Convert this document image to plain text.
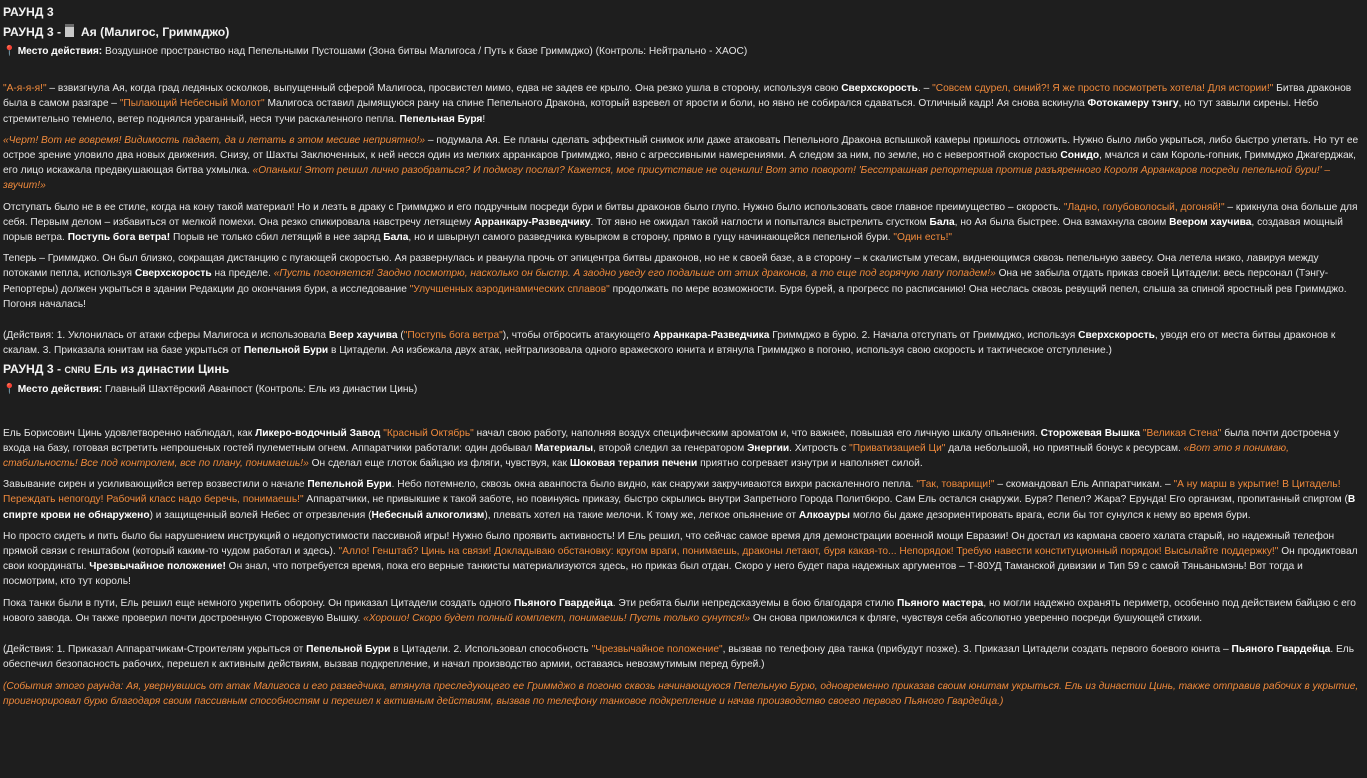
РАУНД 3
РАУНД 3 - Ая (Малигос, Гриммджо)

📍 Место действия: Воздушное пространство над Пепельными Пустошами (Зона битвы Малигоса / Путь к базе Гриммджо) (Контроль: Нейтрально - ХАОС)

"А-я-я-я!" – взвизгнула Ая, когда град ледяных осколков, выпущенный сферой Малигоса, просвистел мимо, едва не задев ее крыло. Она резко ушла в сторону, используя свою Сверхскорость. – "Совсем сдурел, синий?! Я же просто посмотреть хотела! Для истории!" Битва драконов была в самом разгаре – "Пылающий Небесный Молот" Малигоса оставил дымящуюся рану на спине Пепельного Дракона, который взревел от ярости и боли, но явно не собирался сдаваться. Отличный кадр! Ая снова вскинула Фотокамеру тэнгу, но тут завыли сирены. Небо стремительно темнело, ветер поднялся ураганный, неся тучи раскаленного пепла. Пепельная Буря!

«Черт! Вот не вовремя! Видимость падает, да и летать в этом месиве неприятно!» – подумала Ая. Ее планы сделать эффектный снимок или даже атаковать Пепельного Дракона вспышкой камеры пришлось отложить. Нужно было либо укрыться, либо быстро улетать. Но тут ее острое зрение уловило два новых движения. Снизу, от Шахты Заключенных, к ней несся один из мелких арранкаров Гриммджо, явно с агрессивными намерениями. А следом за ним, по земле, но с невероятной скоростью Сонидо, мчался и сам Король-гопник, Гриммджо Джагерджак, его лицо искажала предвкушающая битва ухмылка. «Опаньки! Этот решил лично разобраться? И подмогу послал? Кажется, мое присутствие не оценили! Вот это поворот! 'Бесстрашная репортерша против разъяренного Короля Арранкаров посреди пепельной бури!' – звучит!»

Отступать было не в ее стиле, когда на кону такой материал! Но и лезть в драку с Гриммджо и его подручным посреди бури и битвы драконов было глупо. Нужно было использовать свое главное преимущество – скорость. "Ладно, голубоволосый, догоняй!" – крикнула она больше для себя. Первым делом – избавиться от мелкой помехи. Она резко спикировала навстречу летящему Арранкару-Разведчику. Тот явно не ожидал такой наглости и попытался выстрелить сгустком Бала, но Ая была быстрее. Она взмахнула своим Веером хаучива, создавая мощный порыв ветра. Поступь бога ветра! Порыв не только сбил летящий в нее заряд Бала, но и швырнул самого разведчика кувырком в сторону, прямо в гущу начинающейся пепельной бури. "Один есть!"

Теперь – Гриммджо. Он был близко, сокращая дистанцию с пугающей скоростью. Ая развернулась и рванула прочь от эпицентра битвы драконов, но не к своей базе, а в сторону – к скалистым утесам, виднеющимся сквозь пепельную завесу. Она летела низко, лавируя между потоками пепла, используя Сверхскорость на пределе. «Пусть погоняется! Заодно посмотрю, насколько он быстр. А заодно уведу его подальше от этих драконов, а то еще под горячую лапу попадем!» Она не забыла отдать приказ своей Цитадели: весь персонал (Тэнгу-Репортеры) должен укрыться в здании Редакции до окончания бури, а исследование "Улучшенных аэродинамических сплавов" продолжать по мере возможности. Буря бурей, а прогресс по расписанию! Она неслась сквозь ревущий пепел, слыша за спиной яростный рев Гриммджо. Погоня началась!

(Действия: 1. Уклонилась от атаки сферы Малигоса и использовала Веер хаучива ("Поступь бога ветра"), чтобы отбросить атакующего Арранкара-Разведчика Гриммджо в бурю. 2. Начала отступать от Гриммджо, используя Сверхскорость, уводя его от места битвы драконов к скалам. 3. Приказала юнитам на базе укрыться от Пепельной Бури в Цитадели. Ая избежала двух атак, нейтрализовала одного вражеского юнита и втянула Гриммджо в погоню, используя свою скорость и тактическое отступление.)

РАУНД 3 - CNRU Ель из династии Цинь

📍 Место действия: Главный Шахтёрский Аванпост (Контроль: Ель из династии Цинь)

Ель Борисович Цинь удовлетворенно наблюдал, как Ликеро-водочный Завод "Красный Октябрь" начал свою работу, наполняя воздух специфическим ароматом и, что важнее, повышая его личную шкалу опьянения. Сторожевая Вышка "Великая Стена" была почти достроена у входа на базу, готовая встретить непрошеных гостей пулеметным огнем. Аппаратчики работали: один добывал Материалы, второй следил за генератором Энергии. Хитрость с "Приватизацией Ци" дала небольшой, но приятный бонус к ресурсам. «Вот это я понимаю, стабильность! Все под контролем, все по плану, понимаешь!» Он сделал еще глоток байцзю из фляги, чувствуя, как Шоковая терапия печени приятно согревает изнутри и наполняет силой.

Завывание сирен и усиливающийся ветер возвестили о начале Пепельной Бури. Небо потемнело, сквозь окна аванпоста было видно, как снаружи закручиваются вихри раскаленного пепла. "Так, товарищи!" – скомандовал Ель Аппаратчикам. – "А ну марш в укрытие! В Цитадель! Переждать непогоду! Рабочий класс надо беречь, понимаешь!" Аппаратчики, не привыкшие к такой заботе, но повинуясь приказу, быстро скрылись внутри Запретного Города Политбюро. Сам Ель остался снаружи. Буря? Пепел? Жара? Ерунда! Его организм, пропитанный спиртом (В спирте крови не обнаружено) и защищенный волей Небес от отрезвления (Небесный алкоголизм), плевать хотел на такие мелочи. К тому же, легкое опьянение от Алкоауры могло бы даже дезориентировать врага, если бы тот сунулся к нему во время бури.

Но просто сидеть и пить было бы нарушением инструкций о недопустимости пассивной игры! Нужно было проявить активность! И Ель решил, что сейчас самое время для демонстрации военной мощи Евразии! Он достал из кармана своего халата старый, но надежный телефон прямой связи с генштабом (который каким-то чудом работал и здесь). "Алло! Генштаб? Цинь на связи! Докладываю обстановку: кругом враги, понимаешь, драконы летают, буря какая-то... Непорядок! Требую навести конституционный порядок! Высылайте поддержку!" Он продиктовал свои координаты. Чрезвычайное положение! Он знал, что потребуется время, пока его верные танкисты материализуются здесь, но приказ был отдан. Скоро у него будет пара надежных аргументов – Т-80УД Таманской дивизии и Тип 59 с самой Тяньаньмэнь! Вот тогда и посмотрим, кто тут король!

Пока танки были в пути, Ель решил еще немного укрепить оборону. Он приказал Цитадели создать одного Пьяного Гвардейца. Эти ребята были непредсказуемы в бою благодаря стилю Пьяного мастера, но могли надежно охранять периметр, особенно под действием байцзю с его нового завода. Он также проверил почти достроенную Сторожевую Вышку. «Хорошо! Скоро будет полный комплект, понимаешь! Пусть только сунутся!» Он снова приложился к фляге, чувствуя себя абсолютно уверенно посреди бушующей стихии.

(Действия: 1. Приказал Аппаратчикам-Строителям укрыться от Пепельной Бури в Цитадели. 2. Использовал способность "Чрезвычайное положение", вызвав по телефону два танка (прибудут позже). 3. Приказал Цитадели создать первого боевого юнита – Пьяного Гвардейца. Ель обеспечил безопасность рабочих, перешел к активным действиям, вызвав подкрепление, и начал производство армии, оставаясь невозмутимым перед бурей.)

(События этого раунда: Ая, увернувшись от атак Малигоса и его разведчика, втянула преследующего ее Гриммджо в погоню сквозь начинающуюся Пепельную Бурю, одновременно приказав своим юнитам укрыться. Ель из династии Цинь, также отправив рабочих в укрытие, проигнорировал бурю благодаря своим пассивным способностям и перешел к активным действиям, вызвав по телефону танковое подкрепление и начав производство своего первого Пьяного Гвардейца.)
